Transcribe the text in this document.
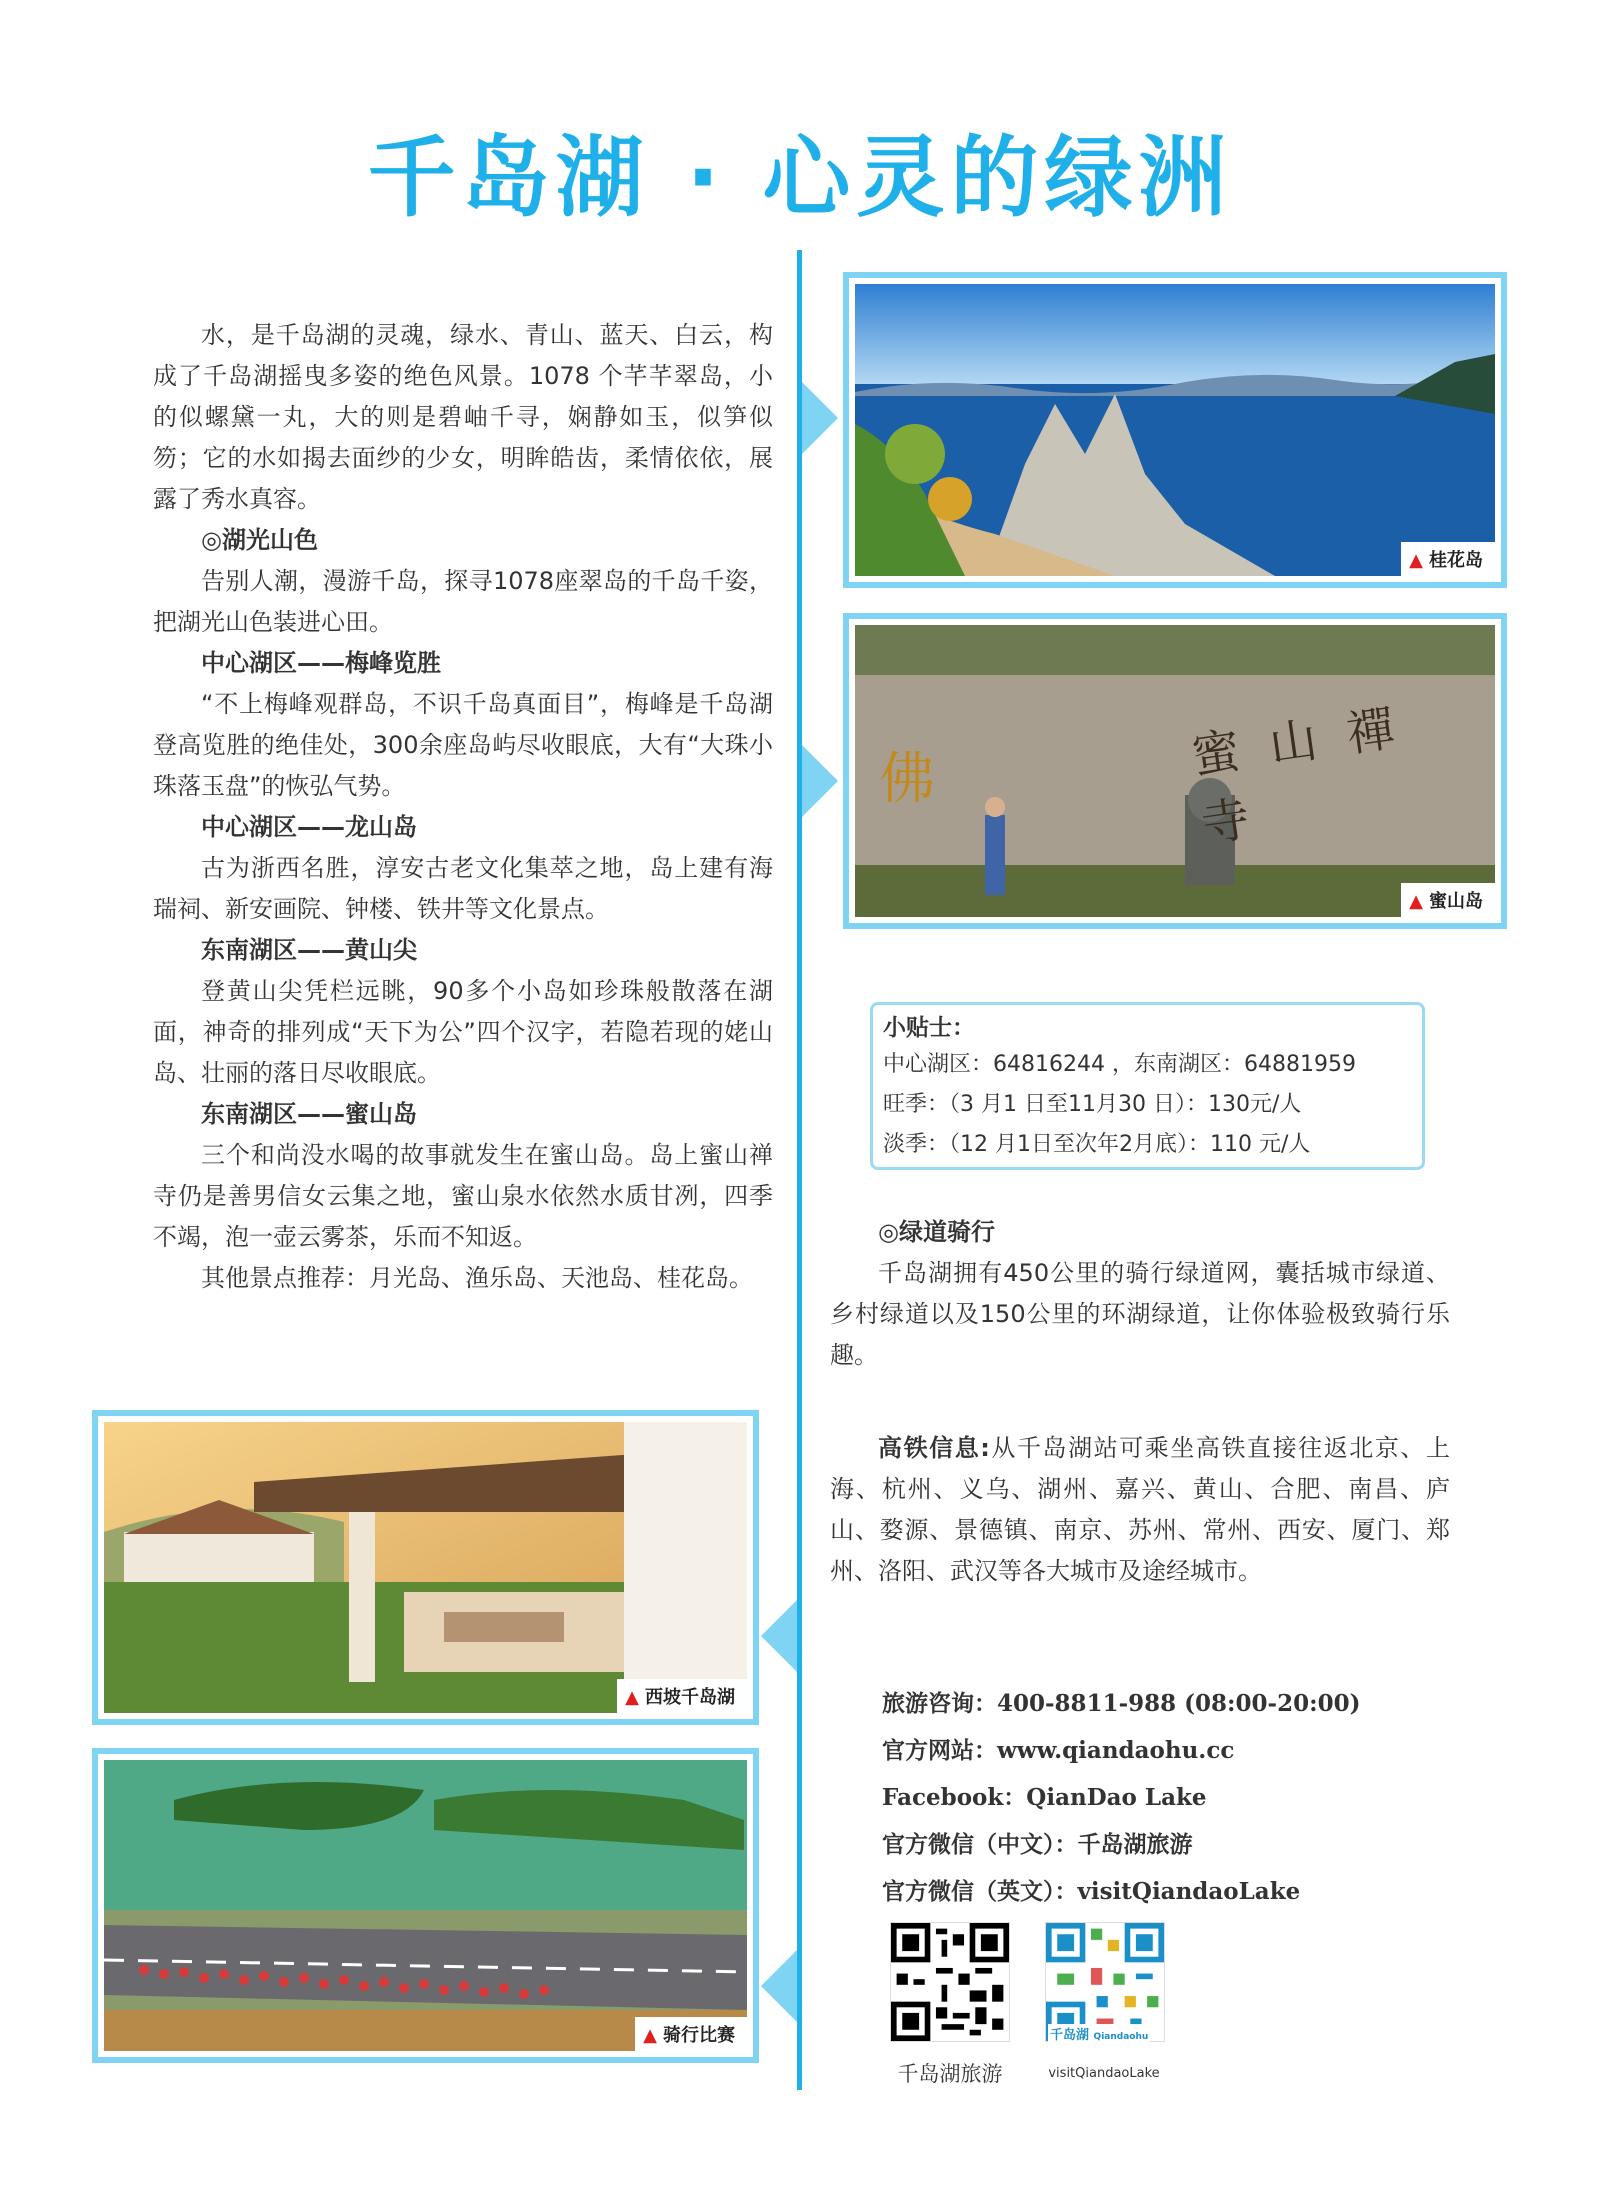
千岛湖 · 心灵的绿洲

水，是千岛湖的灵魂，绿水、青山、蓝天、白云，构成了千岛湖摇曳多姿的绝色风景。1078 个芊芊翠岛，小的似螺黛一丸，大的则是碧岫千寻，娴静如玉，似笋似笏；它的水如揭去面纱的少女，明眸皓齿，柔情依依，展露了秀水真容。

◎湖光山色

告别人潮，漫游千岛，探寻1078座翠岛的千岛千姿，把湖光山色装进心田。

中心湖区——梅峰览胜

“不上梅峰观群岛，不识千岛真面目”，梅峰是千岛湖登高览胜的绝佳处，300余座岛屿尽收眼底，大有“大珠小珠落玉盘”的恢弘气势。

中心湖区——龙山岛

古为浙西名胜，淳安古老文化集萃之地，岛上建有海瑞祠、新安画院、钟楼、铁井等文化景点。

东南湖区——黄山尖

登黄山尖凭栏远眺，90多个小岛如珍珠般散落在湖面，神奇的排列成“天下为公”四个汉字，若隐若现的姥山岛、壮丽的落日尽收眼底。

东南湖区——蜜山岛

三个和尚没水喝的故事就发生在蜜山岛。岛上蜜山禅寺仍是善男信女云集之地，蜜山泉水依然水质甘冽，四季不竭，泡一壶云雾茶，乐而不知返。

其他景点推荐：月光岛、渔乐岛、天池岛、桂花岛。

▲ 桂花岛
蜜山禪寺
佛
▲ 蜜山岛
小贴士：
中心湖区：64816244 ，东南湖区：64881959
旺季：（3 月1 日至11月30 日）：130元/人
淡季：（12 月1日至次年2月底）：110 元/人

◎绿道骑行

千岛湖拥有450公里的骑行绿道网，囊括城市绿道、乡村绿道以及150公里的环湖绿道，让你体验极致骑行乐趣。

高铁信息:从千岛湖站可乘坐高铁直接往返北京、上海、杭州、义乌、湖州、嘉兴、黄山、合肥、南昌、庐山、婺源、景德镇、南京、苏州、常州、西安、厦门、郑州、洛阳、武汉等各大城市及途经城市。

旅游咨询：400-8811-988 (08:00-20:00)
官方网站：www.qiandaohu.cc
Facebook：QianDao Lake
官方微信（中文）：千岛湖旅游
官方微信（英文）：visitQiandaoLake
千岛湖旅游
千岛湖 Qiandaohu
visitQiandaoLake
▲ 西坡千岛湖
▲ 骑行比赛
